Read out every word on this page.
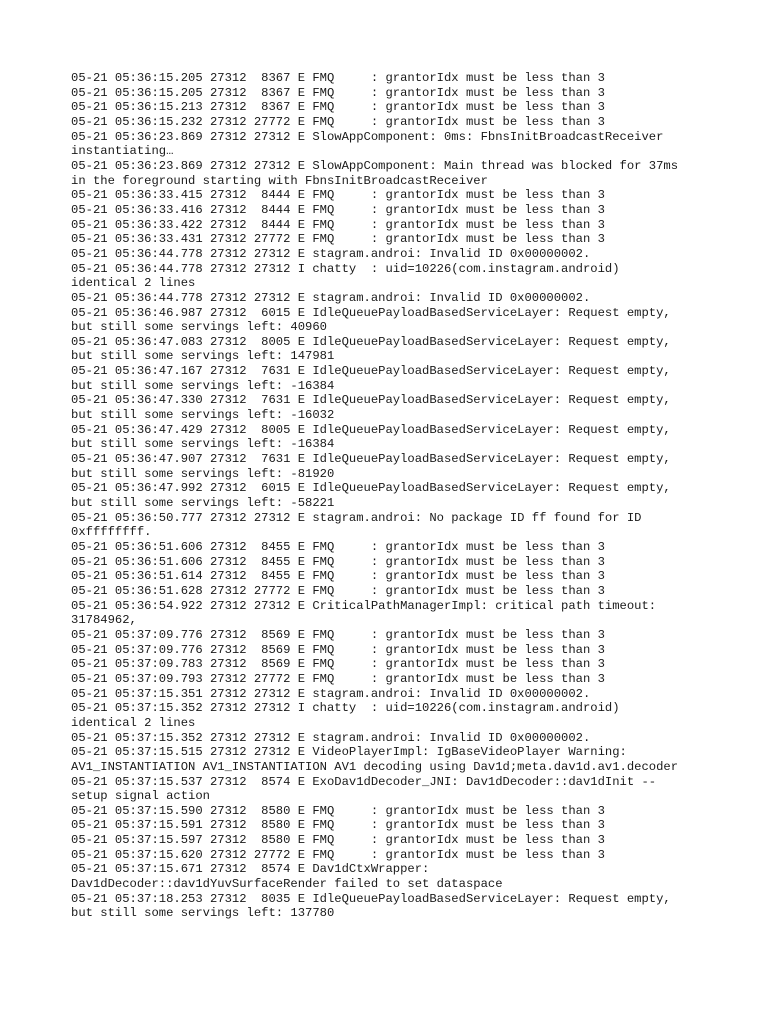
05-21 05:36:15.205 27312  8367 E FMQ     : grantorIdx must be less than 3
05-21 05:36:15.205 27312  8367 E FMQ     : grantorIdx must be less than 3
05-21 05:36:15.213 27312  8367 E FMQ     : grantorIdx must be less than 3
05-21 05:36:15.232 27312 27772 E FMQ     : grantorIdx must be less than 3
05-21 05:36:23.869 27312 27312 E SlowAppComponent: 0ms: FbnsInitBroadcastReceiver
instantiating…
05-21 05:36:23.869 27312 27312 E SlowAppComponent: Main thread was blocked for 37ms
in the foreground starting with FbnsInitBroadcastReceiver
05-21 05:36:33.415 27312  8444 E FMQ     : grantorIdx must be less than 3
05-21 05:36:33.416 27312  8444 E FMQ     : grantorIdx must be less than 3
05-21 05:36:33.422 27312  8444 E FMQ     : grantorIdx must be less than 3
05-21 05:36:33.431 27312 27772 E FMQ     : grantorIdx must be less than 3
05-21 05:36:44.778 27312 27312 E stagram.androi: Invalid ID 0x00000002.
05-21 05:36:44.778 27312 27312 I chatty  : uid=10226(com.instagram.android)
identical 2 lines
05-21 05:36:44.778 27312 27312 E stagram.androi: Invalid ID 0x00000002.
05-21 05:36:46.987 27312  6015 E IdleQueuePayloadBasedServiceLayer: Request empty,
but still some servings left: 40960
05-21 05:36:47.083 27312  8005 E IdleQueuePayloadBasedServiceLayer: Request empty,
but still some servings left: 147981
05-21 05:36:47.167 27312  7631 E IdleQueuePayloadBasedServiceLayer: Request empty,
but still some servings left: -16384
05-21 05:36:47.330 27312  7631 E IdleQueuePayloadBasedServiceLayer: Request empty,
but still some servings left: -16032
05-21 05:36:47.429 27312  8005 E IdleQueuePayloadBasedServiceLayer: Request empty,
but still some servings left: -16384
05-21 05:36:47.907 27312  7631 E IdleQueuePayloadBasedServiceLayer: Request empty,
but still some servings left: -81920
05-21 05:36:47.992 27312  6015 E IdleQueuePayloadBasedServiceLayer: Request empty,
but still some servings left: -58221
05-21 05:36:50.777 27312 27312 E stagram.androi: No package ID ff found for ID
0xffffffff.
05-21 05:36:51.606 27312  8455 E FMQ     : grantorIdx must be less than 3
05-21 05:36:51.606 27312  8455 E FMQ     : grantorIdx must be less than 3
05-21 05:36:51.614 27312  8455 E FMQ     : grantorIdx must be less than 3
05-21 05:36:51.628 27312 27772 E FMQ     : grantorIdx must be less than 3
05-21 05:36:54.922 27312 27312 E CriticalPathManagerImpl: critical path timeout:
31784962,
05-21 05:37:09.776 27312  8569 E FMQ     : grantorIdx must be less than 3
05-21 05:37:09.776 27312  8569 E FMQ     : grantorIdx must be less than 3
05-21 05:37:09.783 27312  8569 E FMQ     : grantorIdx must be less than 3
05-21 05:37:09.793 27312 27772 E FMQ     : grantorIdx must be less than 3
05-21 05:37:15.351 27312 27312 E stagram.androi: Invalid ID 0x00000002.
05-21 05:37:15.352 27312 27312 I chatty  : uid=10226(com.instagram.android)
identical 2 lines
05-21 05:37:15.352 27312 27312 E stagram.androi: Invalid ID 0x00000002.
05-21 05:37:15.515 27312 27312 E VideoPlayerImpl: IgBaseVideoPlayer Warning:
AV1_INSTANTIATION AV1_INSTANTIATION AV1 decoding using Dav1d;meta.dav1d.av1.decoder
05-21 05:37:15.537 27312  8574 E ExoDav1dDecoder_JNI: Dav1dDecoder::dav1dInit --
setup signal action
05-21 05:37:15.590 27312  8580 E FMQ     : grantorIdx must be less than 3
05-21 05:37:15.591 27312  8580 E FMQ     : grantorIdx must be less than 3
05-21 05:37:15.597 27312  8580 E FMQ     : grantorIdx must be less than 3
05-21 05:37:15.620 27312 27772 E FMQ     : grantorIdx must be less than 3
05-21 05:37:15.671 27312  8574 E Dav1dCtxWrapper:
Dav1dDecoder::dav1dYuvSurfaceRender failed to set dataspace
05-21 05:37:18.253 27312  8035 E IdleQueuePayloadBasedServiceLayer: Request empty,
but still some servings left: 137780
